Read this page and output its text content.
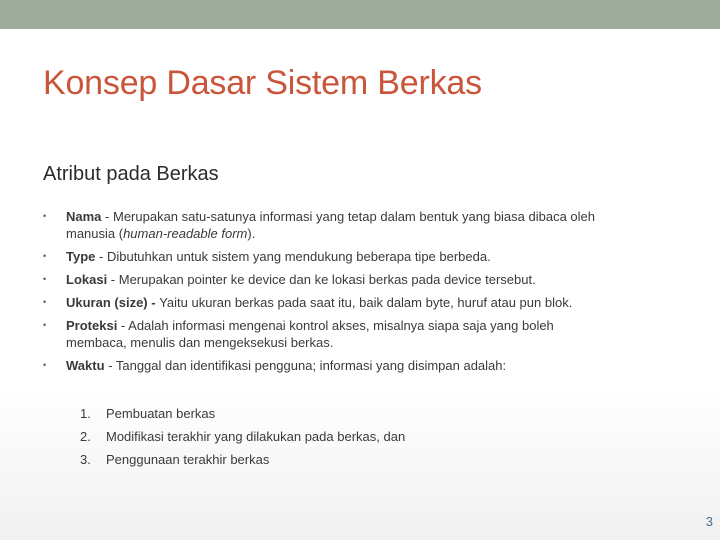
Konsep Dasar Sistem Berkas
Atribut pada Berkas
• Nama - Merupakan satu-satunya informasi yang tetap dalam bentuk yang biasa dibaca oleh manusia (human-readable form).
• Type - Dibutuhkan untuk sistem yang mendukung beberapa tipe berbeda.
• Lokasi - Merupakan pointer ke device dan ke lokasi berkas pada device tersebut.
• Ukuran (size) - Yaitu ukuran berkas pada saat itu, baik dalam byte, huruf atau pun blok.
• Proteksi - Adalah informasi mengenai kontrol akses, misalnya siapa saja yang boleh membaca, menulis dan mengeksekusi berkas.
• Waktu - Tanggal dan identifikasi pengguna; informasi yang disimpan adalah:
1. Pembuatan berkas
2. Modifikasi terakhir yang dilakukan pada berkas, dan
3. Penggunaan terakhir berkas
3
